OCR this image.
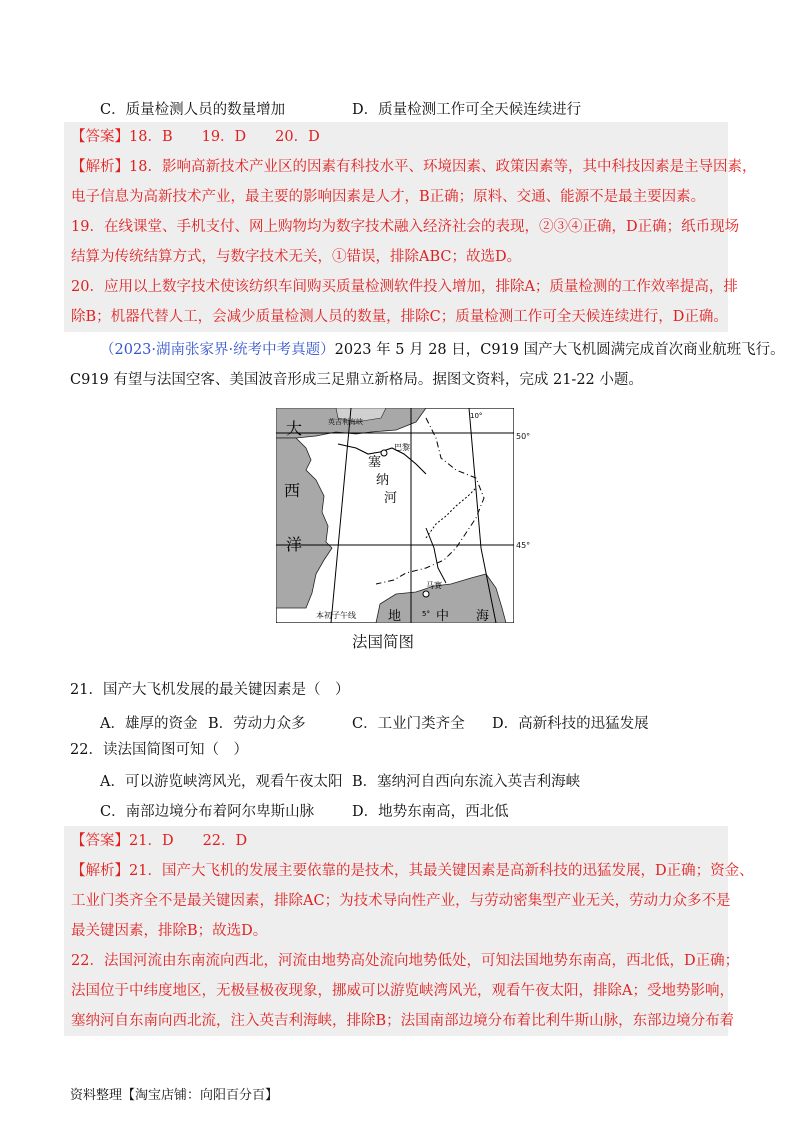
C．质量检测人员的数量增加	D．质量检测工作可全天候连续进行
【答案】18．B　　19．D　　20．D
【解析】18．影响高新技术产业区的因素有科技水平、环境因素、政策因素等，其中科技因素是主导因素，
电子信息为高新技术产业，最主要的影响因素是人才，B正确；原料、交通、能源不是最主要因素。
19．在线课堂、手机支付、网上购物均为数字技术融入经济社会的表现，②③④正确，D正确；纸币现场
结算为传统结算方式，与数字技术无关，①错误，排除ABC；故选D。
20．应用以上数字技术使该纺织车间购买质量检测软件投入增加，排除A；质量检测的工作效率提高，排
除B；机器代替人工，会减少质量检测人员的数量，排除C；质量检测工作可全天候连续进行，D正确。
（2023·湖南张家界·统考中考真题）2023 年 5 月 28 日，C919 国产大飞机圆满完成首次商业航班飞行。
C919 有望与法国空客、美国波音形成三足鼎立新格局。据图文资料，完成 21-22 小题。
大
西
洋
英吉利海峡
巴黎
塞
纳
河
马赛
本初子午线 地	中 海
10°
5°
50°
45°
法国简图
21．国产大飞机发展的最关键因素是（　）
A．雄厚的资金 B．劳动力众多	C．工业门类齐全 D．高新科技的迅猛发展
22．读法国简图可知（　）
A．可以游览峡湾风光，观看午夜太阳 B．塞纳河自西向东流入英吉利海峡
C．南部边境分布着阿尔卑斯山脉	D．地势东南高，西北低
【答案】21．D　　22．D
【解析】21．国产大飞机的发展主要依靠的是技术，其最关键因素是高新科技的迅猛发展，D正确；资金、
工业门类齐全不是最关键因素，排除AC；为技术导向性产业，与劳动密集型产业无关，劳动力众多不是
最关键因素，排除B；故选D。
22．法国河流由东南流向西北，河流由地势高处流向地势低处，可知法国地势东南高，西北低，D正确；
法国位于中纬度地区，无极昼极夜现象，挪威可以游览峡湾风光，观看午夜太阳，排除A；受地势影响，
塞纳河自东南向西北流，注入英吉利海峡，排除B；法国南部边境分布着比利牛斯山脉，东部边境分布着
资料整理【淘宝店铺：向阳百分百】
